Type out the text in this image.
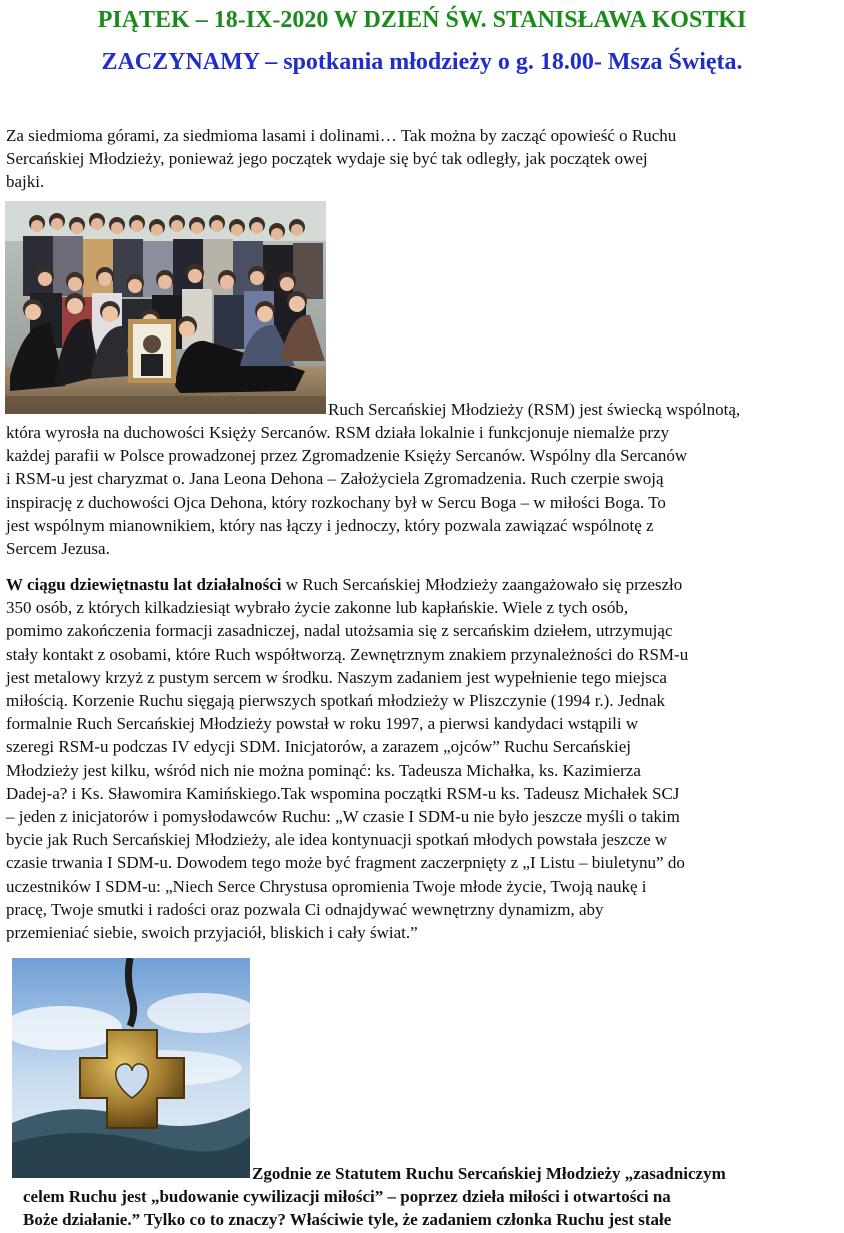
PIĄTEK – 18-IX-2020 W DZIEŃ ŚW. STANISŁAWA KOSTKI
ZACZYNAMY – spotkania młodzieży o g. 18.00- Msza Święta.

Za siedmioma górami, za siedmioma lasami i dolinami… Tak można by zacząć opowieść o Ruchu
Sercańskiej Młodzieży, ponieważ jego początek wydaje się być tak odległy, jak początek owej
bajki.

Ruch Sercańskiej Młodzieży (RSM) jest świecką wspólnotą,

która wyrosła na duchowości Księży Sercanów. RSM działa lokalnie i funkcjonuje niemalże przy
każdej parafii w Polsce prowadzonej przez Zgromadzenie Księży Sercanów. Wspólny dla Sercanów
i RSM-u jest charyzmat o. Jana Leona Dehona – Założyciela Zgromadzenia. Ruch czerpie swoją
inspirację z duchowości Ojca Dehona, który rozkochany był w Sercu Boga – w miłości Boga. To
jest wspólnym mianownikiem, który nas łączy i jednoczy, który pozwala zawiązać wspólnotę z
Sercem Jezusa.

W ciągu dziewiętnastu lat działalności w Ruch Sercańskiej Młodzieży zaangażowało się przeszło
350 osób, z których kilkadziesiąt wybrało życie zakonne lub kapłańskie. Wiele z tych osób,
pomimo zakończenia formacji zasadniczej, nadal utożsamia się z sercańskim dziełem, utrzymując
stały kontakt z osobami, które Ruch współtworzą. Zewnętrznym znakiem przynależności do RSM-u
jest metalowy krzyż z pustym sercem w środku. Naszym zadaniem jest wypełnienie tego miejsca
miłością. Korzenie Ruchu sięgają pierwszych spotkań młodzieży w Pliszczynie (1994 r.). Jednak
formalnie Ruch Sercańskiej Młodzieży powstał w roku 1997, a pierwsi kandydaci wstąpili w
szeregi RSM-u podczas IV edycji SDM. Inicjatorów, a zarazem „ojców” Ruchu Sercańskiej
Młodzieży jest kilku, wśród nich nie można pominąć: ks. Tadeusza Michałka, ks. Kazimierza
Dadej-a? i Ks. Sławomira Kamińskiego.Tak wspomina początki RSM-u ks. Tadeusz Michałek SCJ
– jeden z inicjatorów i pomysłodawców Ruchu: „W czasie I SDM-u nie było jeszcze myśli o takim
bycie jak Ruch Sercańskiej Młodzieży, ale idea kontynuacji spotkań młodych powstała jeszcze w
czasie trwania I SDM-u. Dowodem tego może być fragment zaczerpnięty z „I Listu – biuletynu” do
uczestników I SDM-u: „Niech Serce Chrystusa opromienia Twoje młode życie, Twoją naukę i
pracę, Twoje smutki i radości oraz pozwala Ci odnajdywać wewnętrzny dynamizm, aby
przemieniać siebie, swoich przyjaciół, bliskich i cały świat.”

Zgodnie ze Statutem Ruchu Sercańskiej Młodzieży „zasadniczym

celem Ruchu jest „budowanie cywilizacji miłości” – poprzez dzieła miłości i otwartości na
Boże działanie.” Tylko co to znaczy? Właściwie tyle, że zadaniem członka Ruchu jest stałe
